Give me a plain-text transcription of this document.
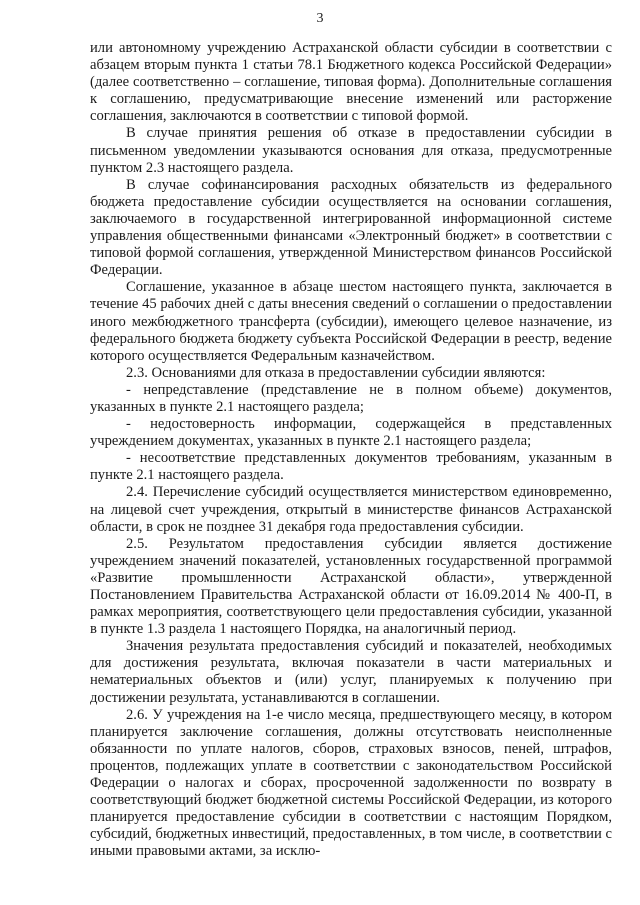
3

или автономному учреждению Астраханской области субсидии в соответствии с абзацем вторым пункта 1 статьи 78.1 Бюджетного кодекса Российской Федерации» (далее соответственно – соглашение, типовая форма). Дополнительные соглашения к соглашению, предусматривающие внесение изменений или расторжение соглашения, заключаются в соответствии с типовой формой.

В случае принятия решения об отказе в предоставлении субсидии в письменном уведомлении указываются основания для отказа, предусмотренные пунктом 2.3 настоящего раздела.

В случае софинансирования расходных обязательств из федерального бюджета предоставление субсидии осуществляется на основании соглашения, заключаемого в государственной интегрированной информационной системе управления общественными финансами «Электронный бюджет» в соответствии с типовой формой соглашения, утвержденной Министерством финансов Российской Федерации.

Соглашение, указанное в абзаце шестом настоящего пункта, заключается в течение 45 рабочих дней с даты внесения сведений о соглашении о предоставлении иного межбюджетного трансферта (субсидии), имеющего целевое назначение, из федерального бюджета бюджету субъекта Российской Федерации в реестр, ведение которого осуществляется Федеральным казначейством.

2.3. Основаниями для отказа в предоставлении субсидии являются:

- непредставление (представление не в полном объеме) документов, указанных в пункте 2.1 настоящего раздела;

- недостоверность информации, содержащейся в представленных учреждением документах, указанных в пункте 2.1 настоящего раздела;

- несоответствие представленных документов требованиям, указанным в пункте 2.1 настоящего раздела.

2.4. Перечисление субсидий осуществляется министерством единовременно, на лицевой счет учреждения, открытый в министерстве финансов Астраханской области, в срок не позднее 31 декабря года предоставления субсидии.

2.5. Результатом предоставления субсидии является достижение учреждением значений показателей, установленных государственной программой «Развитие промышленности Астраханской области», утвержденной Постановлением Правительства Астраханской области от 16.09.2014 № 400-П, в рамках мероприятия, соответствующего цели предоставления субсидии, указанной в пункте 1.3 раздела 1 настоящего Порядка, на аналогичный период.

Значения результата предоставления субсидий и показателей, необходимых для достижения результата, включая показатели в части материальных и нематериальных объектов и (или) услуг, планируемых к получению при достижении результата, устанавливаются в соглашении.

2.6. У учреждения на 1-е число месяца, предшествующего месяцу, в котором планируется заключение соглашения, должны отсутствовать неисполненные обязанности по уплате налогов, сборов, страховых взносов, пеней, штрафов, процентов, подлежащих уплате в соответствии с законодательством Российской Федерации о налогах и сборах, просроченной задолженности по возврату в соответствующий бюджет бюджетной системы Российской Федерации, из которого планируется предоставление субсидии в соответствии с настоящим Порядком, субсидий, бюджетных инвестиций, предоставленных, в том числе, в соответствии с иными правовыми актами, за исклю-
